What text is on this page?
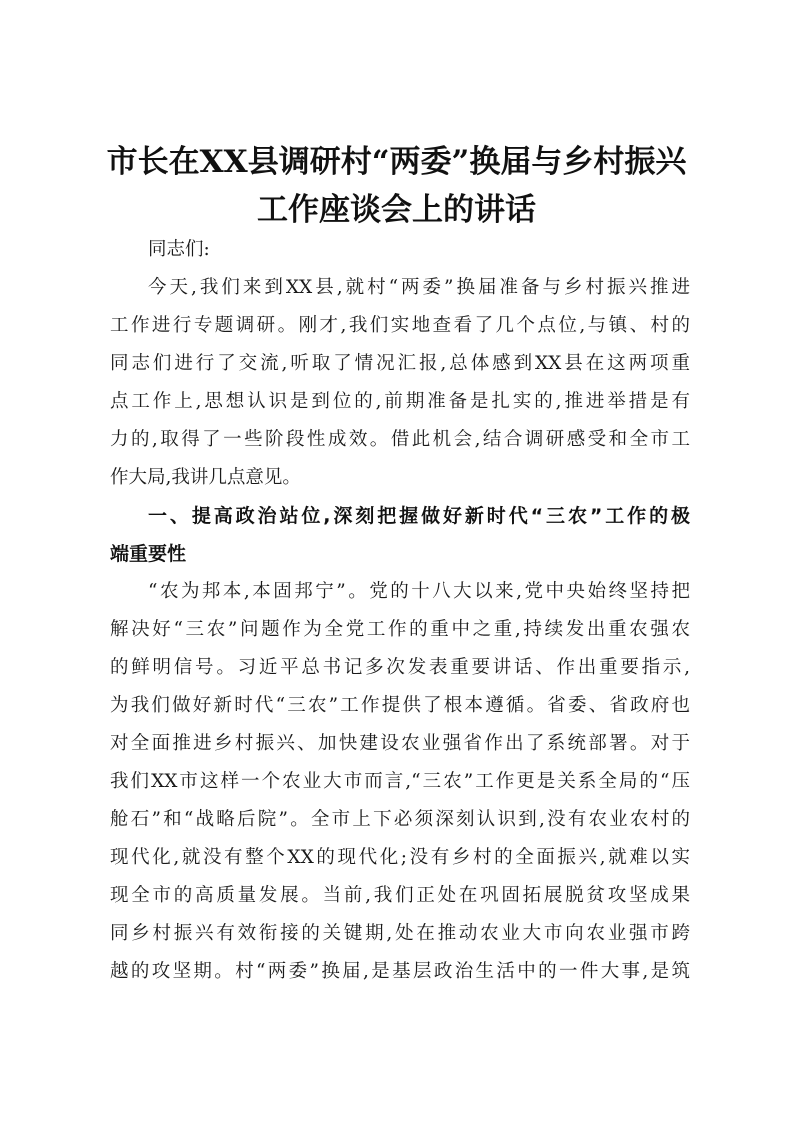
市长在XX县调研村“两委”换届与乡村振兴
工作座谈会上的讲话
同志们:
今天,我们来到XX县,就村“两委”换届准备与乡村振兴推进
工作进行专题调研。刚才,我们实地查看了几个点位,与镇、村的
同志们进行了交流,听取了情况汇报,总体感到XX县在这两项重
点工作上,思想认识是到位的,前期准备是扎实的,推进举措是有
力的,取得了一些阶段性成效。借此机会,结合调研感受和全市工
作大局,我讲几点意见。
一、提高政治站位,深刻把握做好新时代“三农”工作的极
端重要性
“农为邦本,本固邦宁”。党的十八大以来,党中央始终坚持把
解决好“三农”问题作为全党工作的重中之重,持续发出重农强农
的鲜明信号。习近平总书记多次发表重要讲话、作出重要指示,
为我们做好新时代“三农”工作提供了根本遵循。省委、省政府也
对全面推进乡村振兴、加快建设农业强省作出了系统部署。对于
我们XX市这样一个农业大市而言,“三农”工作更是关系全局的“压
舱石”和“战略后院”。全市上下必须深刻认识到,没有农业农村的
现代化,就没有整个XX的现代化;没有乡村的全面振兴,就难以实
现全市的高质量发展。当前,我们正处在巩固拓展脱贫攻坚成果
同乡村振兴有效衔接的关键期,处在推动农业大市向农业强市跨
越的攻坚期。村“两委”换届,是基层政治生活中的一件大事,是筑
